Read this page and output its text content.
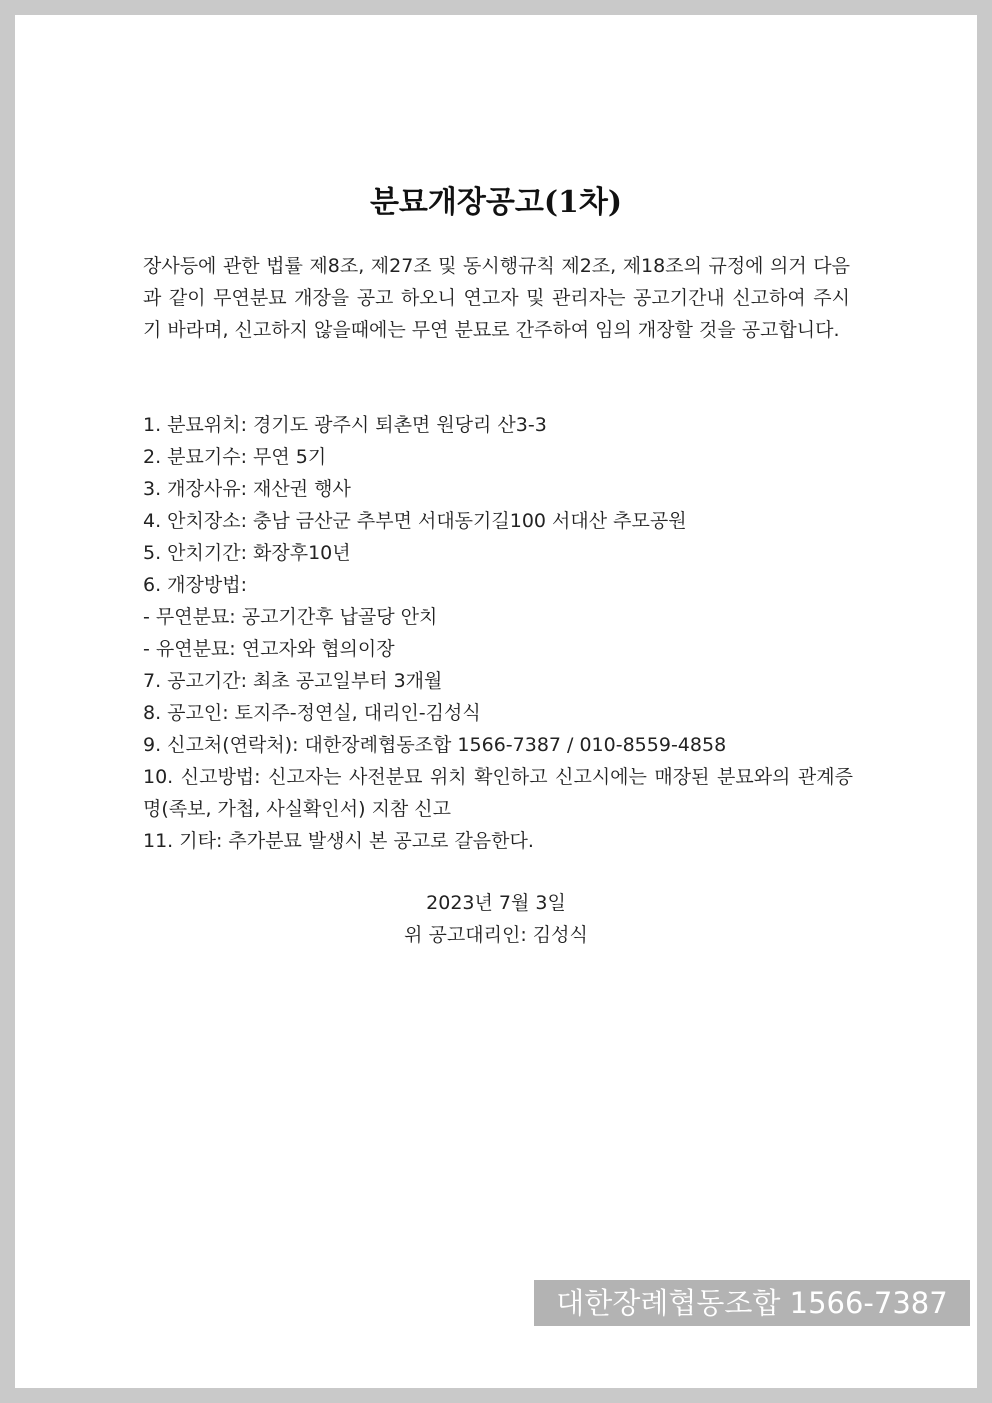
분묘개장공고(1차)
장사등에 관한 법률 제8조, 제27조 및 동시행규칙 제2조, 제18조의 규정에 의거 다음과 같이 무연분묘 개장을 공고 하오니 연고자 및 관리자는 공고기간내 신고하여 주시기 바라며, 신고하지 않을때에는 무연 분묘로 간주하여 임의 개장할 것을 공고합니다.
1. 분묘위치: 경기도 광주시 퇴촌면 원당리 산3-3
2. 분묘기수: 무연 5기
3. 개장사유: 재산권 행사
4. 안치장소: 충남 금산군 추부면 서대동기길100 서대산 추모공원
5. 안치기간: 화장후10년
6. 개장방법:
- 무연분묘: 공고기간후 납골당 안치
- 유연분묘: 연고자와 협의이장
7. 공고기간: 최초 공고일부터 3개월
8. 공고인: 토지주-정연실, 대리인-김성식
9. 신고처(연락처): 대한장례협동조합 1566-7387 / 010-8559-4858
10. 신고방법: 신고자는 사전분묘 위치 확인하고 신고시에는 매장된 분묘와의 관계증명(족보, 가첩, 사실확인서) 지참 신고
11. 기타: 추가분묘 발생시 본 공고로 갈음한다.
2023년 7월 3일
위 공고대리인: 김성식
대한장례협동조합 1566-7387
